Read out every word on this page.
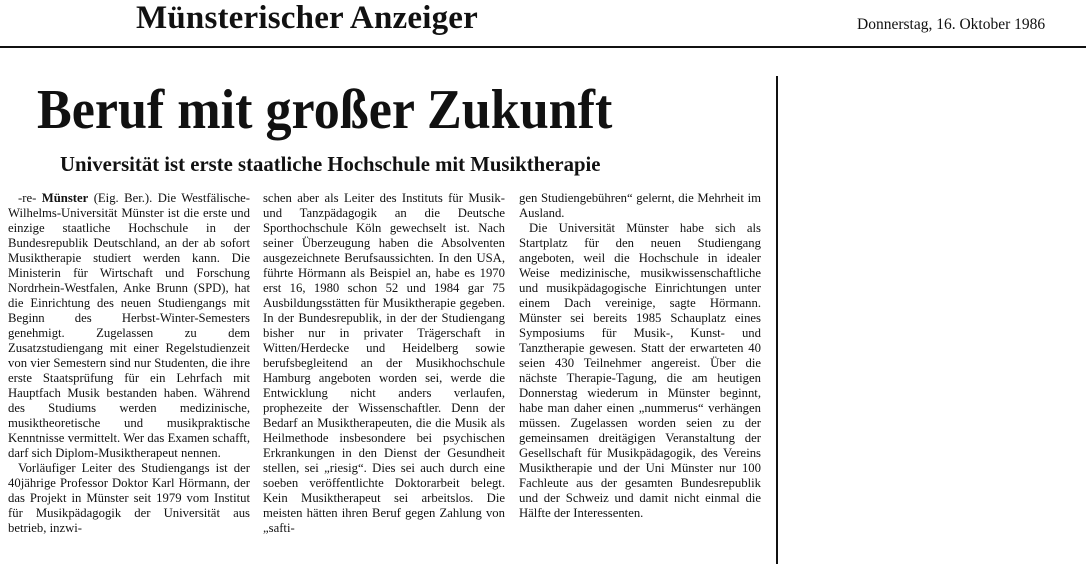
Münsterischer Anzeiger	Donnerstag, 16. Oktober 1986
Beruf mit großer Zukunft
Universität ist erste staatliche Hochschule mit Musiktherapie

-re- Münster (Eig. Ber.). Die Westfälische-Wilhelms-Universität Münster ist die erste und einzige staatliche Hochschule in der Bundesrepublik Deutschland, an der ab sofort Musiktherapie studiert werden kann. Die Ministerin für Wirtschaft und Forschung Nordrhein-Westfalen, Anke Brunn (SPD), hat die Einrichtung des neuen Studiengangs mit Beginn des Herbst-Winter-Semesters genehmigt. Zugelassen zu dem Zusatzstudiengang mit einer Regelstudienzeit von vier Semestern sind nur Studenten, die ihre erste Staatsprüfung für ein Lehrfach mit Hauptfach Musik bestanden haben. Während des Studiums werden medizinische, musiktheoretische und musikpraktische Kenntnisse vermittelt. Wer das Examen schafft, darf sich Diplom-Musiktherapeut nennen.

Vorläufiger Leiter des Studiengangs ist der 40jährige Professor Doktor Karl Hörmann, der das Projekt in Münster seit 1979 vom Institut für Musikpädagogik der Universität aus betrieb, inzwi-

schen aber als Leiter des Instituts für Musik- und Tanzpädagogik an die Deutsche Sporthochschule Köln gewechselt ist. Nach seiner Überzeugung haben die Absolventen ausgezeichnete Berufsaussichten. In den USA, führte Hörmann als Beispiel an, habe es 1970 erst 16, 1980 schon 52 und 1984 gar 75 Ausbildungsstätten für Musiktherapie gegeben. In der Bundesrepublik, in der der Studiengang bisher nur in privater Trägerschaft in Witten/Herdecke und Heidelberg sowie berufsbegleitend an der Musikhochschule Hamburg angeboten worden sei, werde die Entwicklung nicht anders verlaufen, prophezeite der Wissenschaftler. Denn der Bedarf an Musiktherapeuten, die die Musik als Heilmethode insbesondere bei psychischen Erkrankungen in den Dienst der Gesundheit stellen, sei „riesig“. Dies sei auch durch eine soeben veröffentlichte Doktorarbeit belegt. Kein Musiktherapeut sei arbeitslos. Die meisten hätten ihren Beruf gegen Zahlung von „safti-

gen Studiengebühren“ gelernt, die Mehrheit im Ausland.

Die Universität Münster habe sich als Startplatz für den neuen Studiengang angeboten, weil die Hochschule in idealer Weise medizinische, musikwissenschaftliche und musikpädagogische Einrichtungen unter einem Dach vereinige, sagte Hörmann. Münster sei bereits 1985 Schauplatz eines Symposiums für Musik-, Kunst- und Tanztherapie gewesen. Statt der erwarteten 40 seien 430 Teilnehmer angereist. Über die nächste Therapie-Tagung, die am heutigen Donnerstag wiederum in Münster beginnt, habe man daher einen „nummerus“ verhängen müssen. Zugelassen worden seien zu der gemeinsamen dreitägigen Veranstaltung der Gesellschaft für Musikpädagogik, des Vereins Musiktherapie und der Uni Münster nur 100 Fachleute aus der gesamten Bundesrepublik und der Schweiz und damit nicht einmal die Hälfte der Interessenten.
